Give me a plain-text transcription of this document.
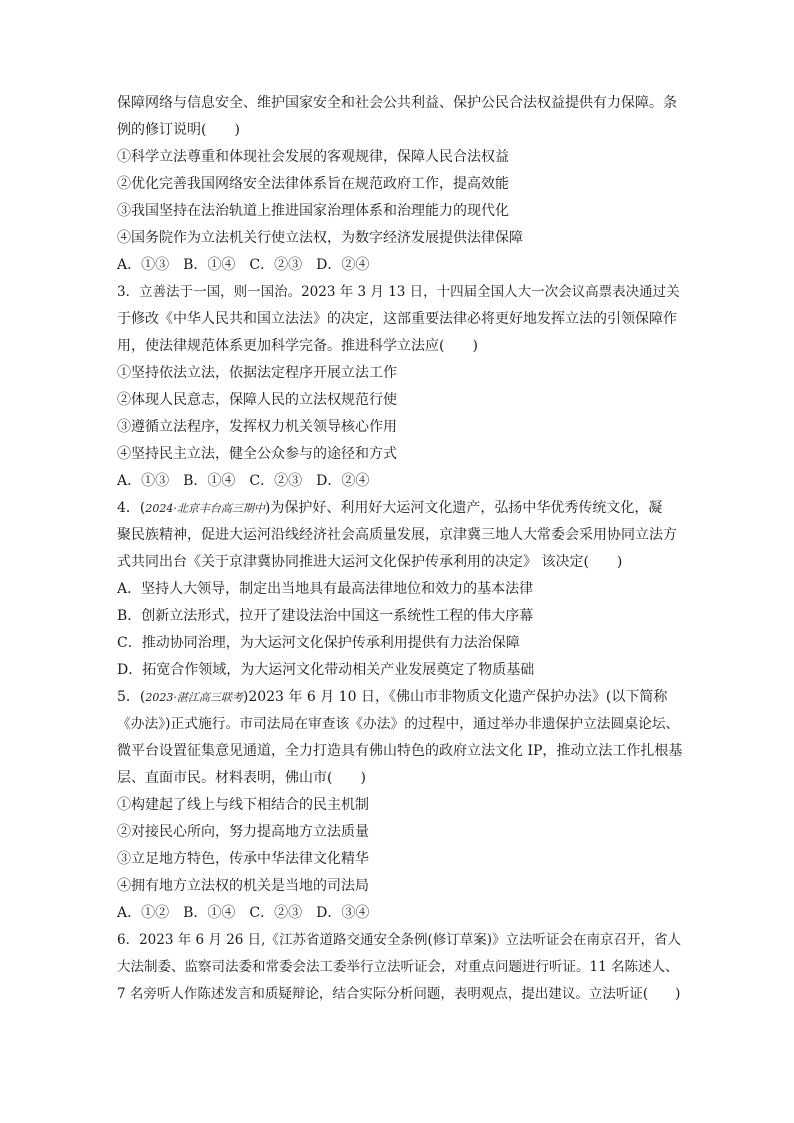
保障网络与信息安全、维护国家安全和社会公共利益、保护公民合法权益提供有力保障。条
例的修订说明(　　)
①科学立法尊重和体现社会发展的客观规律，保障人民合法权益
②优化完善我国网络安全法律体系旨在规范政府工作，提高效能
③我国坚持在法治轨道上推进国家治理体系和治理能力的现代化
④国务院作为立法机关行使立法权，为数字经济发展提供法律保障
A．①③　B．①④　C．②③　D．②④
3．立善法于一国，则一国治。2023 年 3 月 13 日，十四届全国人大一次会议高票表决通过关
于修改《中华人民共和国立法法》的决定，这部重要法律必将更好地发挥立法的引领保障作
用，使法律规范体系更加科学完备。推进科学立法应(　　)
①坚持依法立法，依据法定程序开展立法工作
②体现人民意志，保障人民的立法权规范行使
③遵循立法程序，发挥权力机关领导核心作用
④坚持民主立法，健全公众参与的途径和方式
A．①③　B．①④　C．②③　D．②④
4．(2024·北京丰台高三期中)为保护好、利用好大运河文化遗产，弘扬中华优秀传统文化，凝
聚民族精神，促进大运河沿线经济社会高质量发展，京津冀三地人大常委会采用协同立法方
式共同出台《关于京津冀协同推进大运河文化保护传承利用的决定》 该决定(　　)
A．坚持人大领导，制定出当地具有最高法律地位和效力的基本法律
B．创新立法形式，拉开了建设法治中国这一系统性工程的伟大序幕
C．推动协同治理，为大运河文化保护传承利用提供有力法治保障
D．拓宽合作领域，为大运河文化带动相关产业发展奠定了物质基础
5．(2023·湛江高三联考)2023 年 6 月 10 日，《佛山市非物质文化遗产保护办法》(以下简称
《办法》)正式施行。市司法局在审查该《办法》的过程中，通过举办非遗保护立法圆桌论坛、
微平台设置征集意见通道，全力打造具有佛山特色的政府立法文化 IP，推动立法工作扎根基
层、直面市民。材料表明，佛山市(　　)
①构建起了线上与线下相结合的民主机制
②对接民心所向，努力提高地方立法质量
③立足地方特色，传承中华法律文化精华
④拥有地方立法权的机关是当地的司法局
A．①②　B．①④　C．②③　D．③④
6．2023 年 6 月 26 日,《江苏省道路交通安全条例(修订草案)》立法听证会在南京召开，省人
大法制委、监察司法委和常委会法工委举行立法听证会，对重点问题进行听证。11 名陈述人、
7 名旁听人作陈述发言和质疑辩论，结合实际分析问题，表明观点，提出建议。立法听证(　　)
